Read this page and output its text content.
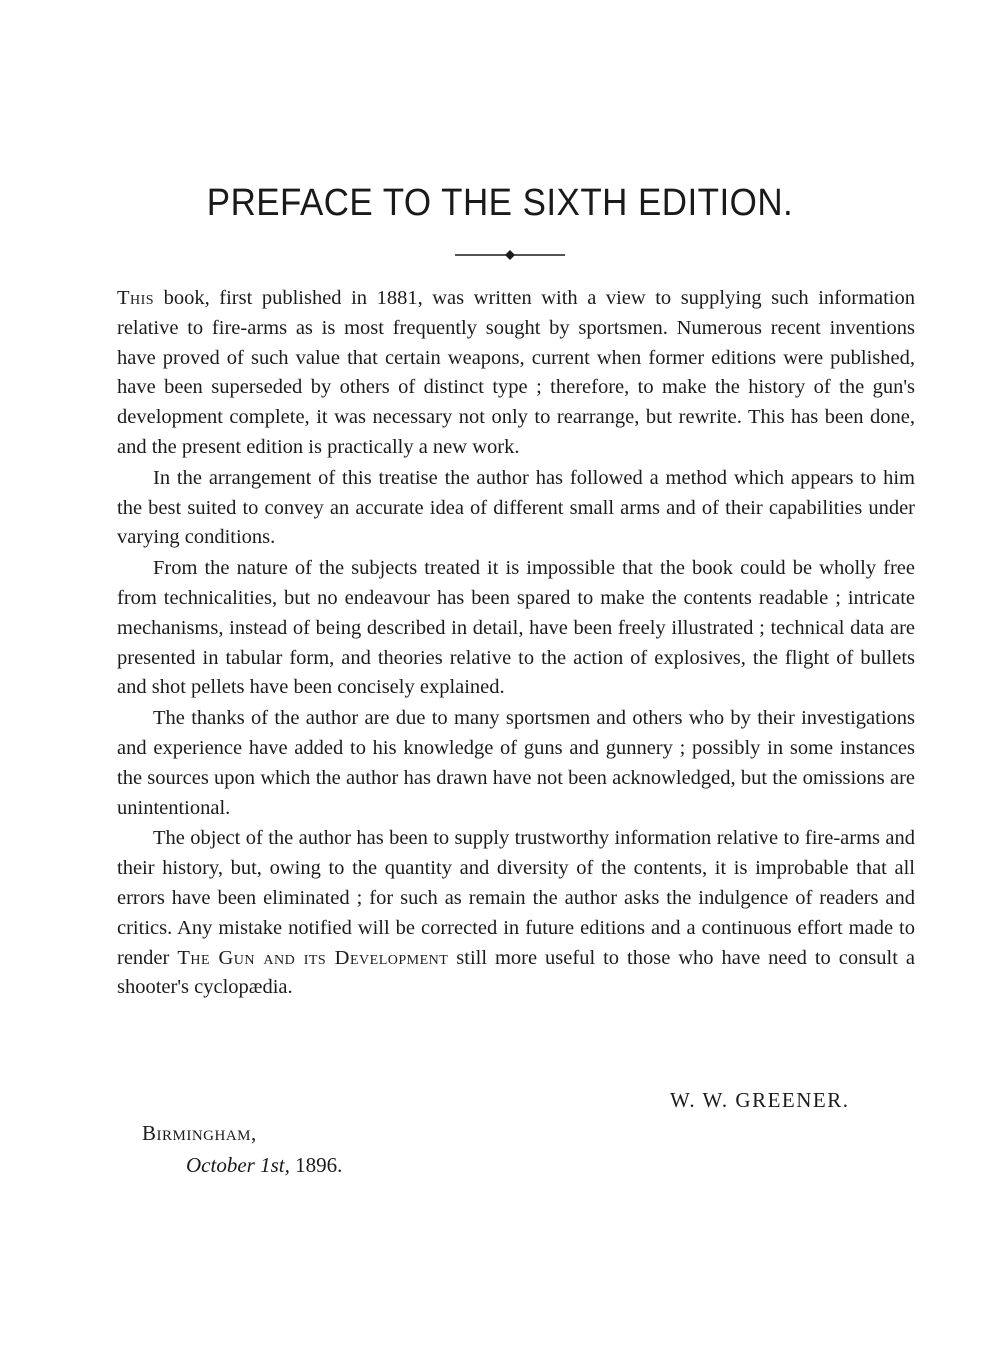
PREFACE TO THE SIXTH EDITION.

This book, first published in 1881, was written with a view to supplying such information relative to fire-arms as is most frequently sought by sportsmen. Numerous recent inventions have proved of such value that certain weapons, current when former editions were published, have been superseded by others of distinct type ; therefore, to make the history of the gun's development complete, it was necessary not only to rearrange, but rewrite. This has been done, and the present edition is practically a new work.

In the arrangement of this treatise the author has followed a method which appears to him the best suited to convey an accurate idea of different small arms and of their capabilities under varying conditions.

From the nature of the subjects treated it is impossible that the book could be wholly free from technicalities, but no endeavour has been spared to make the contents readable ; intricate mechanisms, instead of being described in detail, have been freely illustrated ; technical data are presented in tabular form, and theories relative to the action of explosives, the flight of bullets and shot pellets have been concisely explained.

The thanks of the author are due to many sportsmen and others who by their investigations and experience have added to his knowledge of guns and gunnery ; possibly in some instances the sources upon which the author has drawn have not been acknowledged, but the omissions are unintentional.

The object of the author has been to supply trustworthy information relative to fire-arms and their history, but, owing to the quantity and diversity of the contents, it is improbable that all errors have been eliminated ; for such as remain the author asks the indulgence of readers and critics. Any mistake notified will be corrected in future editions and a continuous effort made to render The Gun and its Development still more useful to those who have need to consult a shooter's cyclopædia.

W. W. GREENER.
Birmingham,
October 1st, 1896.
